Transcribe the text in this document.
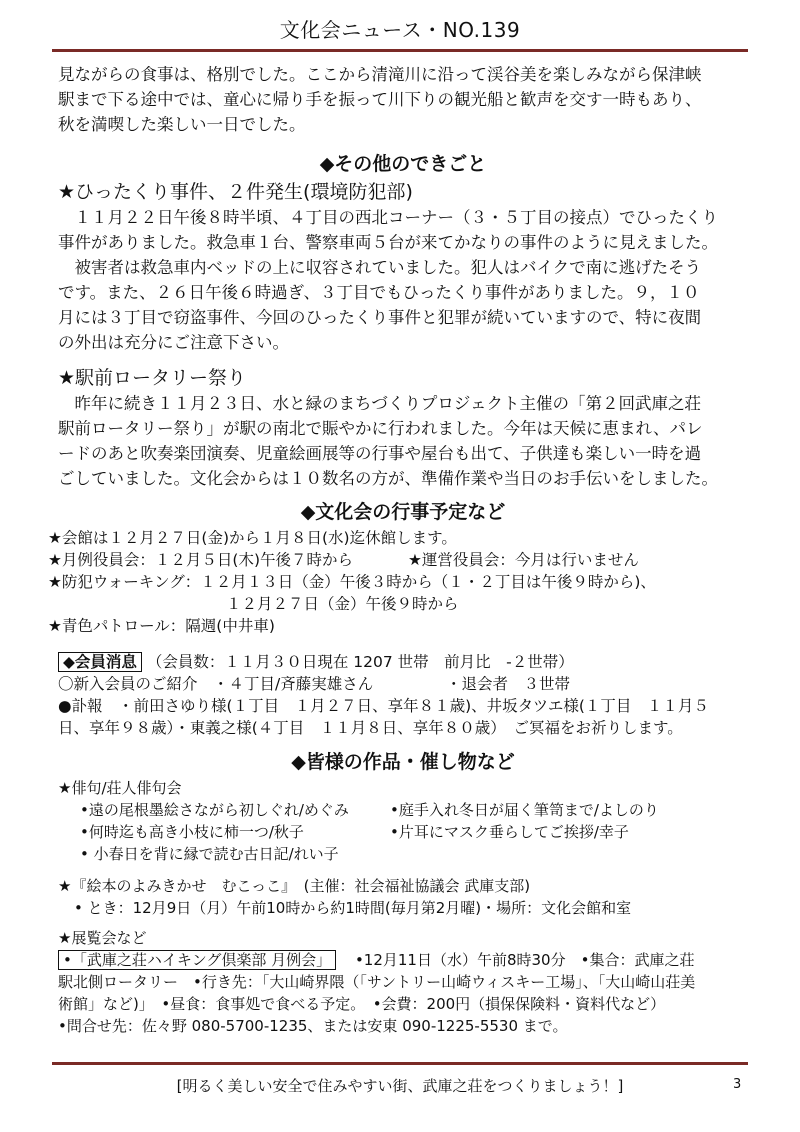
文化会ニュース・NO.139

見ながらの食事は、格別でした。ここから清滝川に沿って渓谷美を楽しみながら保津峡

駅まで下る途中では、童心に帰り手を振って川下りの観光船と歓声を交す一時もあり、

秋を満喫した楽しい一日でした。

◆その他のできごと

★ひったくり事件、２件発生(環境防犯部)

１１月２２日午後８時半頃、４丁目の西北コーナー（３・５丁目の接点）でひったくり

事件がありました。救急車１台、警察車両５台が来てかなりの事件のように見えました。

被害者は救急車内ベッドの上に収容されていました。犯人はバイクで南に逃げたそう

です。また、２６日午後６時過ぎ、３丁目でもひったくり事件がありました。９，１０

月には３丁目で窃盗事件、今回のひったくり事件と犯罪が続いていますので、特に夜間

の外出は充分にご注意下さい。

★駅前ロータリー祭り

昨年に続き１１月２３日、水と緑のまちづくりプロジェクト主催の「第２回武庫之荘

駅前ロータリー祭り」が駅の南北で賑やかに行われました。今年は天候に恵まれ、パレ

ードのあと吹奏楽団演奏、児童絵画展等の行事や屋台も出て、子供達も楽しい一時を過

ごしていました。文化会からは１０数名の方が、準備作業や当日のお手伝いをしました。

◆文化会の行事予定など

★会館は１２月２７日(金)から１月８日(水)迄休館します。

★月例役員会：１２月５日(木)午後７時から	★運営役員会：今月は行いません

★防犯ウォーキング：１２月１３日（金）午後３時から（１・２丁目は午後９時から)、

１２月２７日（金）午後９時から

★青色パトロール：隔週(中井車)

◆会員消息 （会員数：１１月３０日現在 1207 世帯　前月比　-２世帯）

〇新入会員のご紹介　・４丁目/斉藤実雄さん	・退会者　３世帯

●訃報　・前田さゆり様(１丁目　１月２７日、享年８１歳)、井坂タツエ様(１丁目　１１月５

日、享年９８歳）・東義之様(４丁目　１１月８日、享年８０歳）　ご冥福をお祈りします。

◆皆様の作品・催し物など

★俳句/荘人俳句会

•遠の尾根墨絵さながら初しぐれ/めぐみ	•庭手入れ冬日が届く筆笥まで/よしのり

•何時迄も高き小枝に柿一つ/秋子	•片耳にマスク垂らしてご挨拶/幸子

• 小春日を背に縁で読む古日記/れい子

★『絵本のよみきかせ　むこっこ』　(主催：社会福祉協議会 武庫支部)

• とき：12月9日（月）午前10時から約1時間(毎月第2月曜)・場所：文化会館和室

★展覧会など

•「武庫之荘ハイキング倶楽部 月例会」 •12月11日（水）午前8時30分　•集合：武庫之荘

駅北側ロータリー　•行き先：「大山崎界隈（「サントリー山崎ウィスキー工場」、「大山崎山荘美

術館」など)」　•昼食：食事処で食べる予定。　•会費：200円（損保保険料・資料代など）

•問合せ先：佐々野 080-5700-1235、または安東 090-1225-5530 まで。

[明るく美しい安全で住みやすい街、武庫之荘をつくりましょう！]	3
